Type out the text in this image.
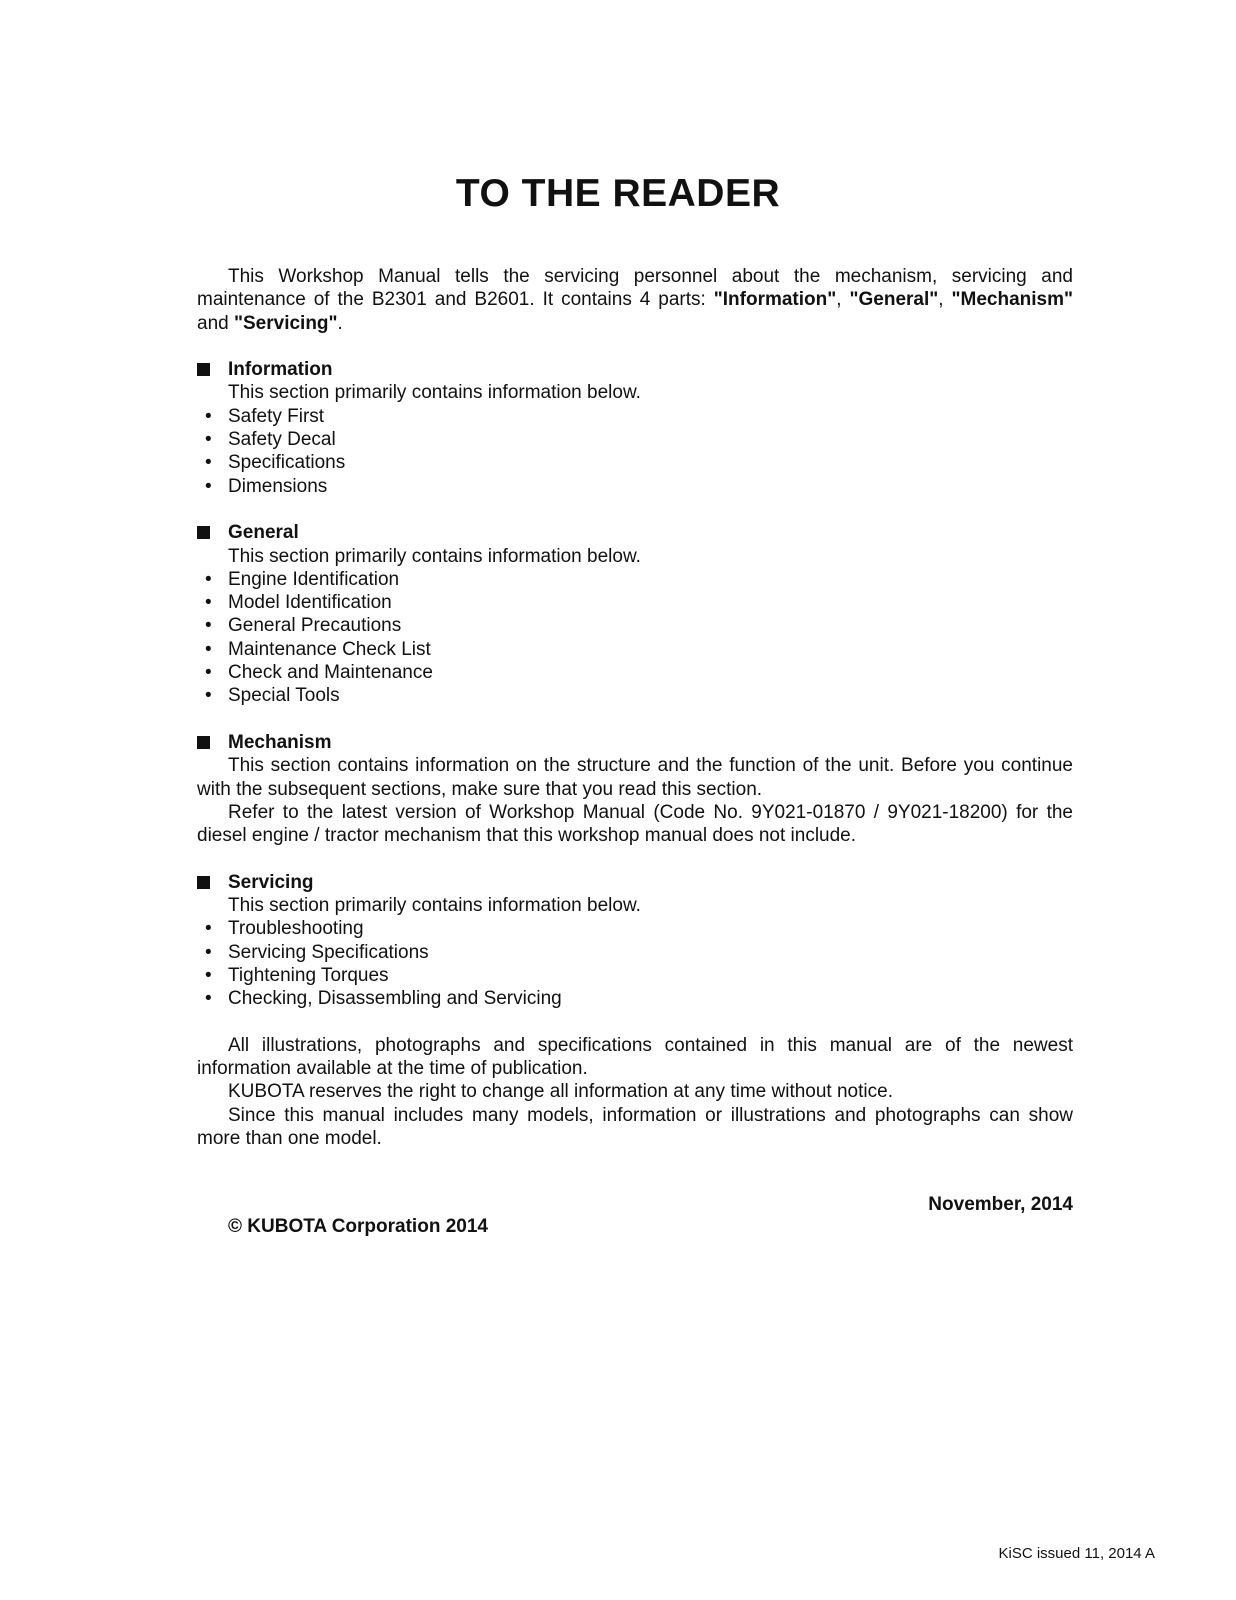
TO THE READER

This Workshop Manual tells the servicing personnel about the mechanism, servicing and maintenance of the B2301 and B2601. It contains 4 parts: "Information", "General", "Mechanism" and "Servicing".

Information

This section primarily contains information below.

• Safety First
• Safety Decal
• Specifications
• Dimensions

General

This section primarily contains information below.

• Engine Identification
• Model Identification
• General Precautions
• Maintenance Check List
• Check and Maintenance
• Special Tools

Mechanism

This section contains information on the structure and the function of the unit. Before you continue with the subsequent sections, make sure that you read this section.

Refer to the latest version of Workshop Manual (Code No. 9Y021-01870 / 9Y021-18200) for the diesel engine / tractor mechanism that this workshop manual does not include.

Servicing

This section primarily contains information below.

• Troubleshooting
• Servicing Specifications
• Tightening Torques
• Checking, Disassembling and Servicing

All illustrations, photographs and specifications contained in this manual are of the newest information available at the time of publication.

KUBOTA reserves the right to change all information at any time without notice.

Since this manual includes many models, information or illustrations and photographs can show more than one model.

November, 2014
© KUBOTA Corporation 2014
KiSC issued 11, 2014 A
